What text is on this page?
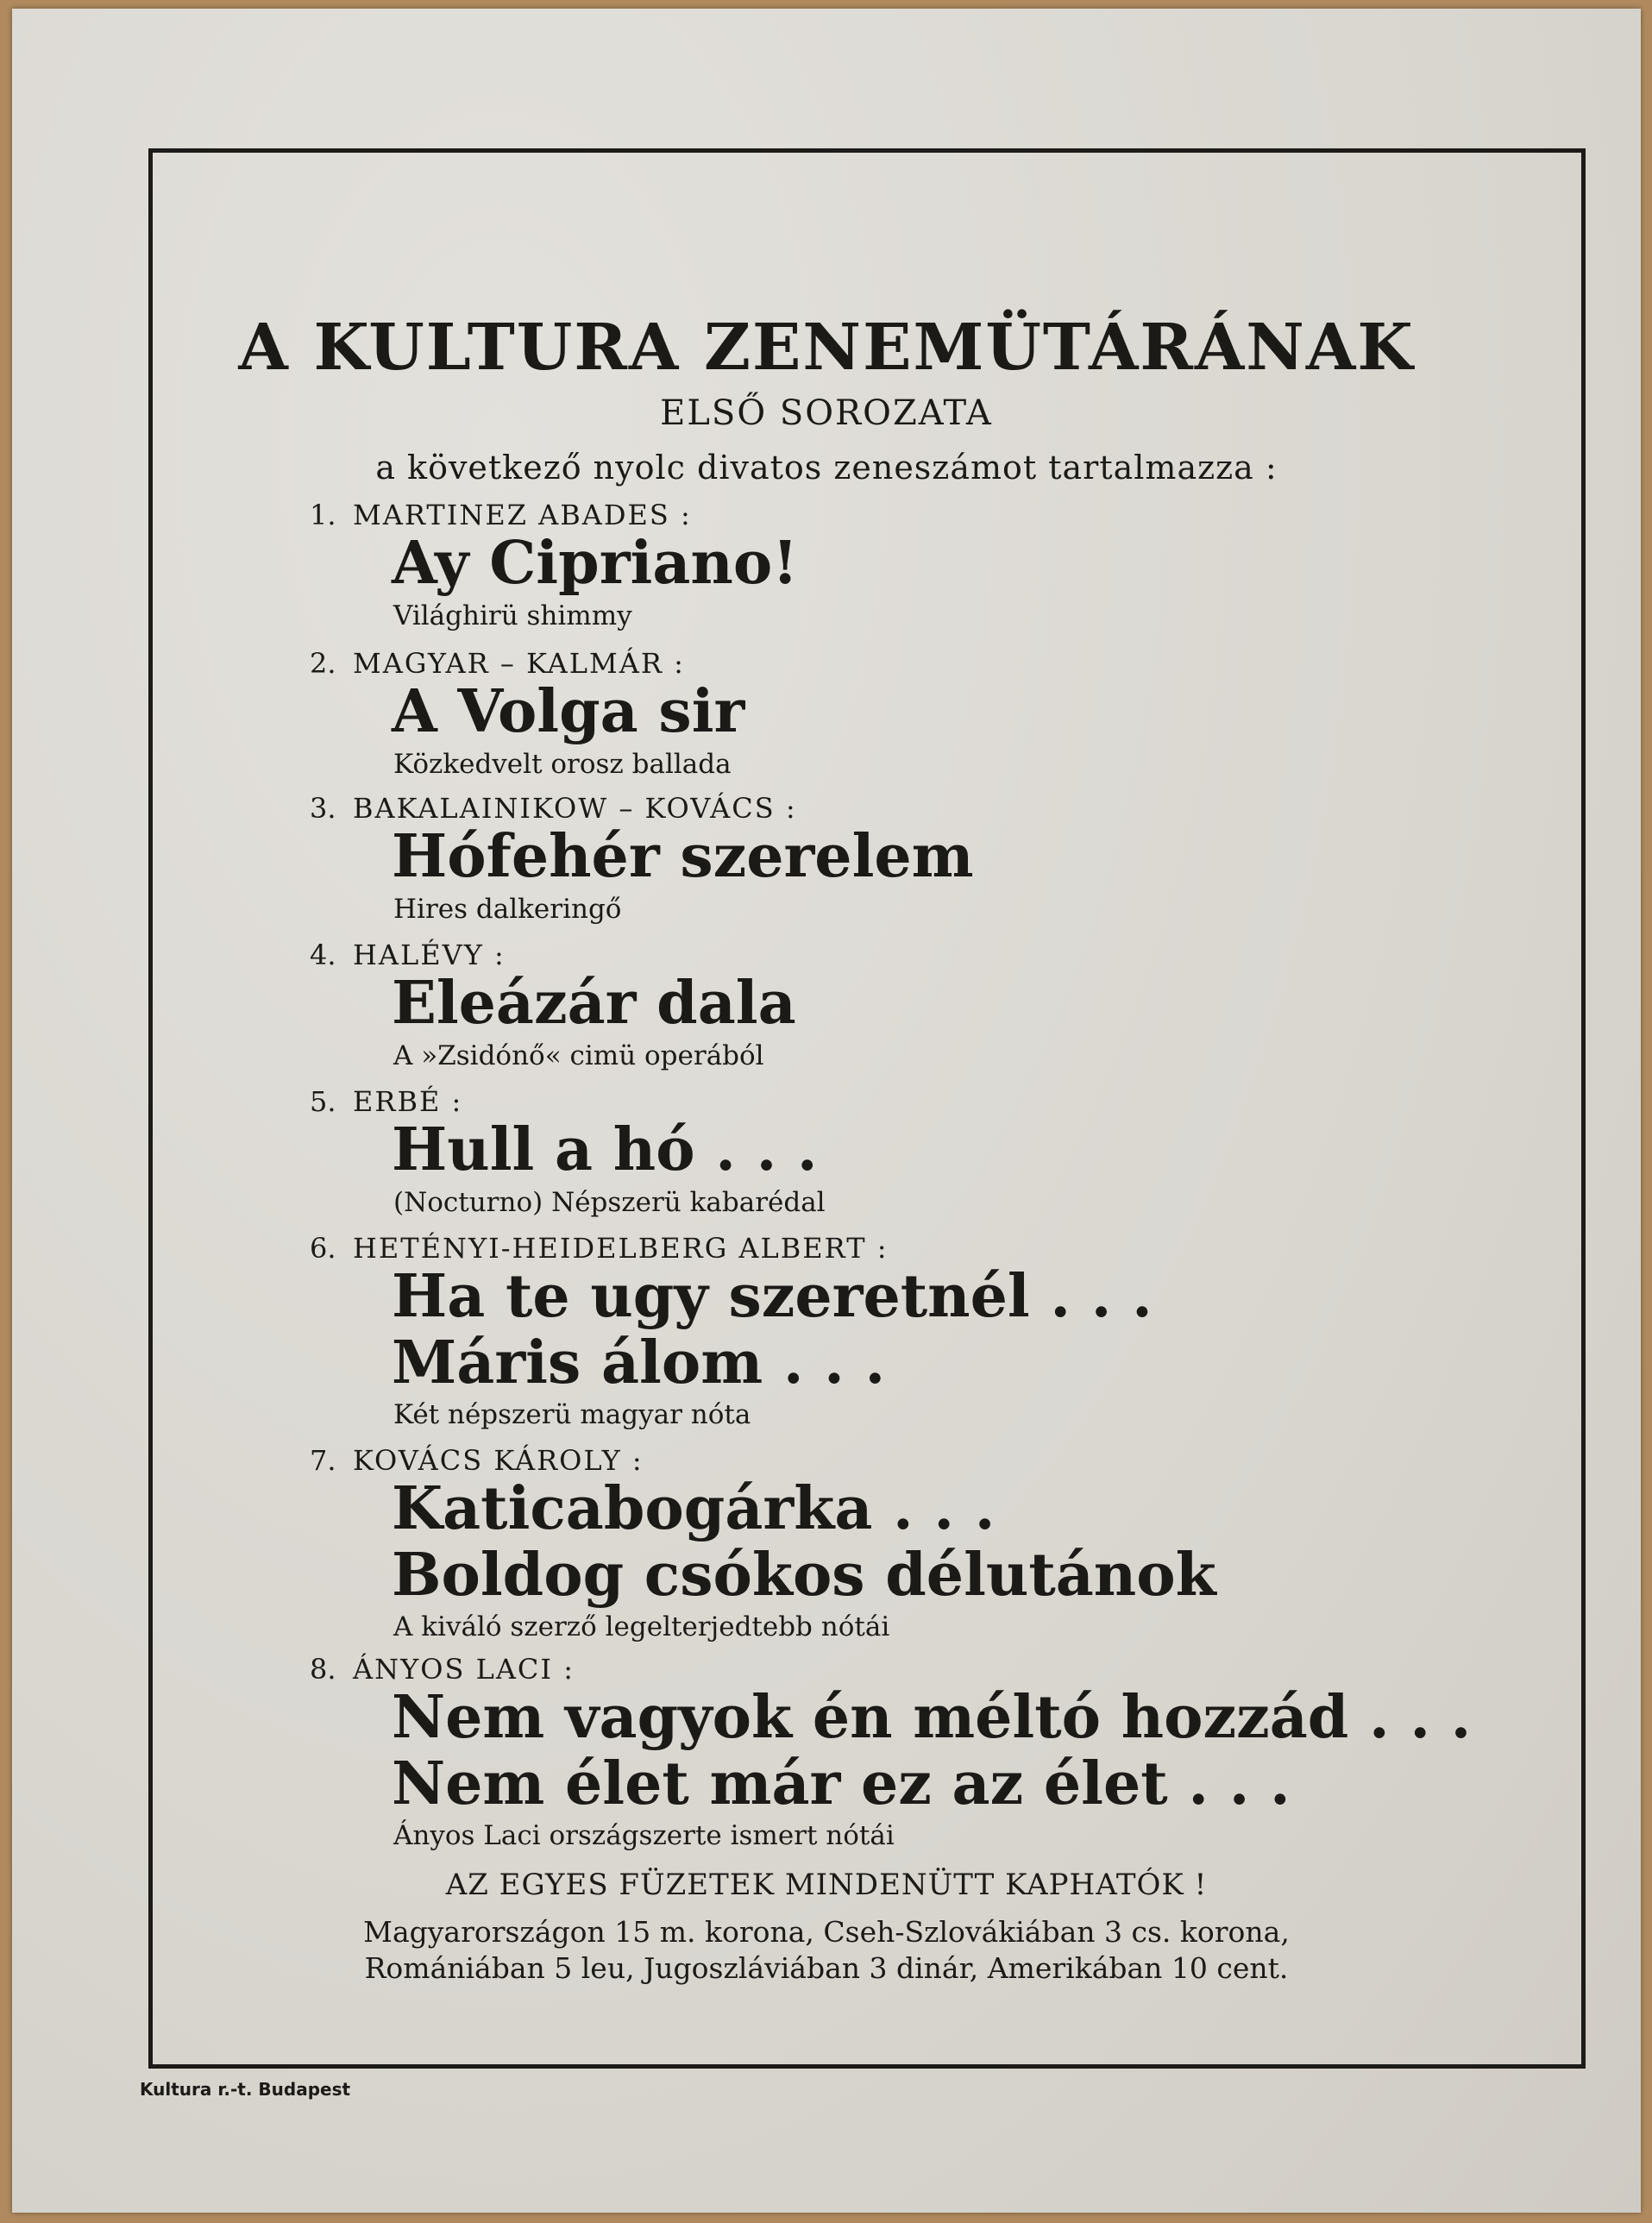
A KULTURA ZENEMÜTÁRÁNAK
ELSŐ SOROZATA
a következő nyolc divatos zeneszámot tartalmazza :
1. MARTINEZ ABADES :
Ay Cipriano!
Világhirü shimmy
2. MAGYAR – KALMÁR :
A Volga sir
Közkedvelt orosz ballada
3. BAKALAINIKOW – KOVÁCS :
Hófehér szerelem
Hires dalkeringő
4. HALÉVY :
Eleázár dala
A »Zsidónő« cimü operából
5. ERBÉ :
Hull a hó . . .
(Nocturno) Népszerü kabarédal
6. HETÉNYI-HEIDELBERG ALBERT :
Ha te ugy szeretnél . . .
Máris álom . . .
Két népszerü magyar nóta
7. KOVÁCS KÁROLY :
Katicabogárka . . .
Boldog csókos délutánok
A kiváló szerző legelterjedtebb nótái
8. ÁNYOS LACI :
Nem vagyok én méltó hozzád . . .
Nem élet már ez az élet . . .
Ányos Laci országszerte ismert nótái
AZ EGYES FÜZETEK MINDENÜTT KAPHATÓK !
Magyarországon 15 m. korona, Cseh-Szlovákiában 3 cs. korona,
Romániában 5 leu, Jugoszláviában 3 dinár, Amerikában 10 cent.
Kultura r.-t. Budapest
